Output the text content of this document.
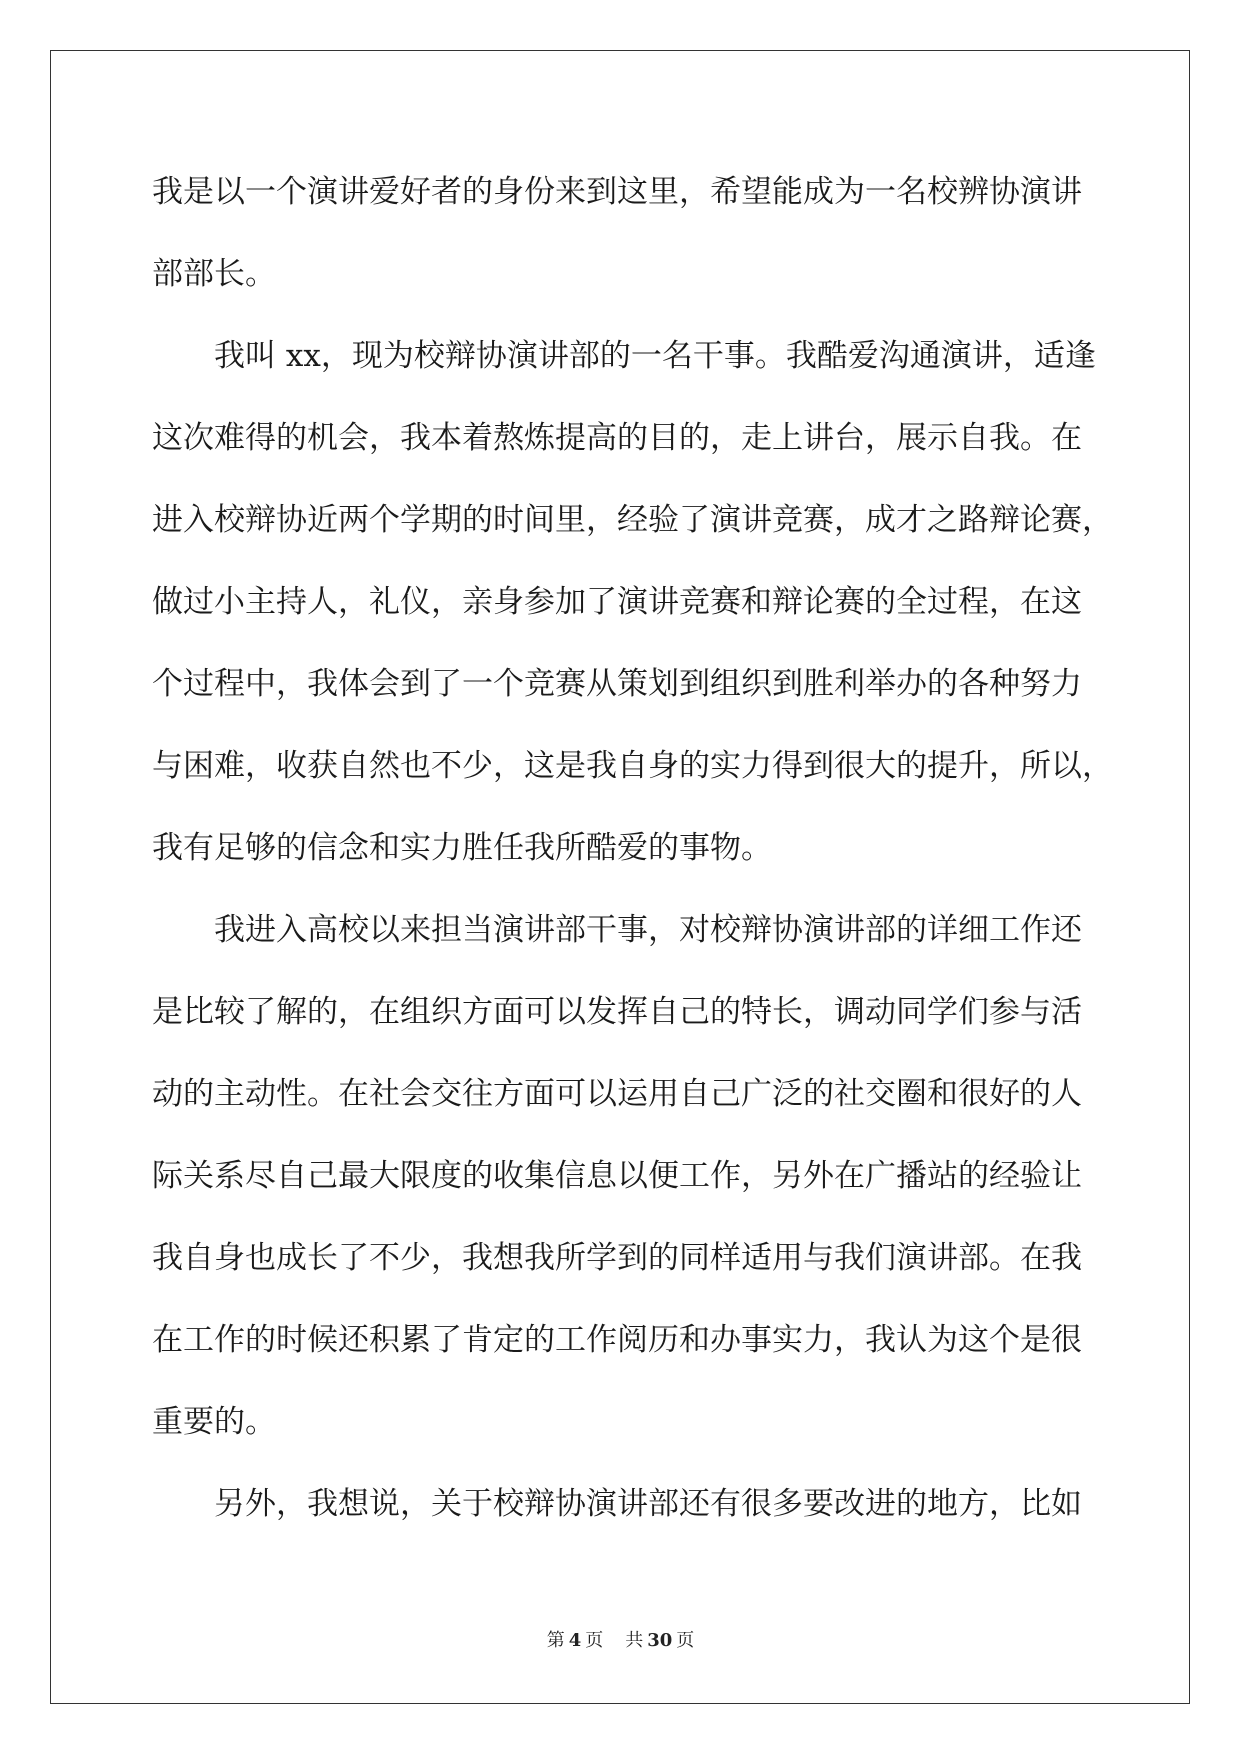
我是以一个演讲爱好者的身份来到这里，希望能成为一名校辨协演讲
部部长。
我叫 xx，现为校辩协演讲部的一名干事。我酷爱沟通演讲，适逢
这次难得的机会，我本着熬炼提高的目的，走上讲台，展示自我。在
进入校辩协近两个学期的时间里，经验了演讲竞赛，成才之路辩论赛，
做过小主持人，礼仪，亲身参加了演讲竞赛和辩论赛的全过程，在这
个过程中，我体会到了一个竞赛从策划到组织到胜利举办的各种努力
与困难，收获自然也不少，这是我自身的实力得到很大的提升，所以，
我有足够的信念和实力胜任我所酷爱的事物。
我进入高校以来担当演讲部干事，对校辩协演讲部的详细工作还
是比较了解的，在组织方面可以发挥自己的特长，调动同学们参与活
动的主动性。在社会交往方面可以运用自己广泛的社交圈和很好的人
际关系尽自己最大限度的收集信息以便工作，另外在广播站的经验让
我自身也成长了不少，我想我所学到的同样适用与我们演讲部。在我
在工作的时候还积累了肯定的工作阅历和办事实力，我认为这个是很
重要的。
另外，我想说，关于校辩协演讲部还有很多要改进的地方，比如
第 4 页 共 30 页
